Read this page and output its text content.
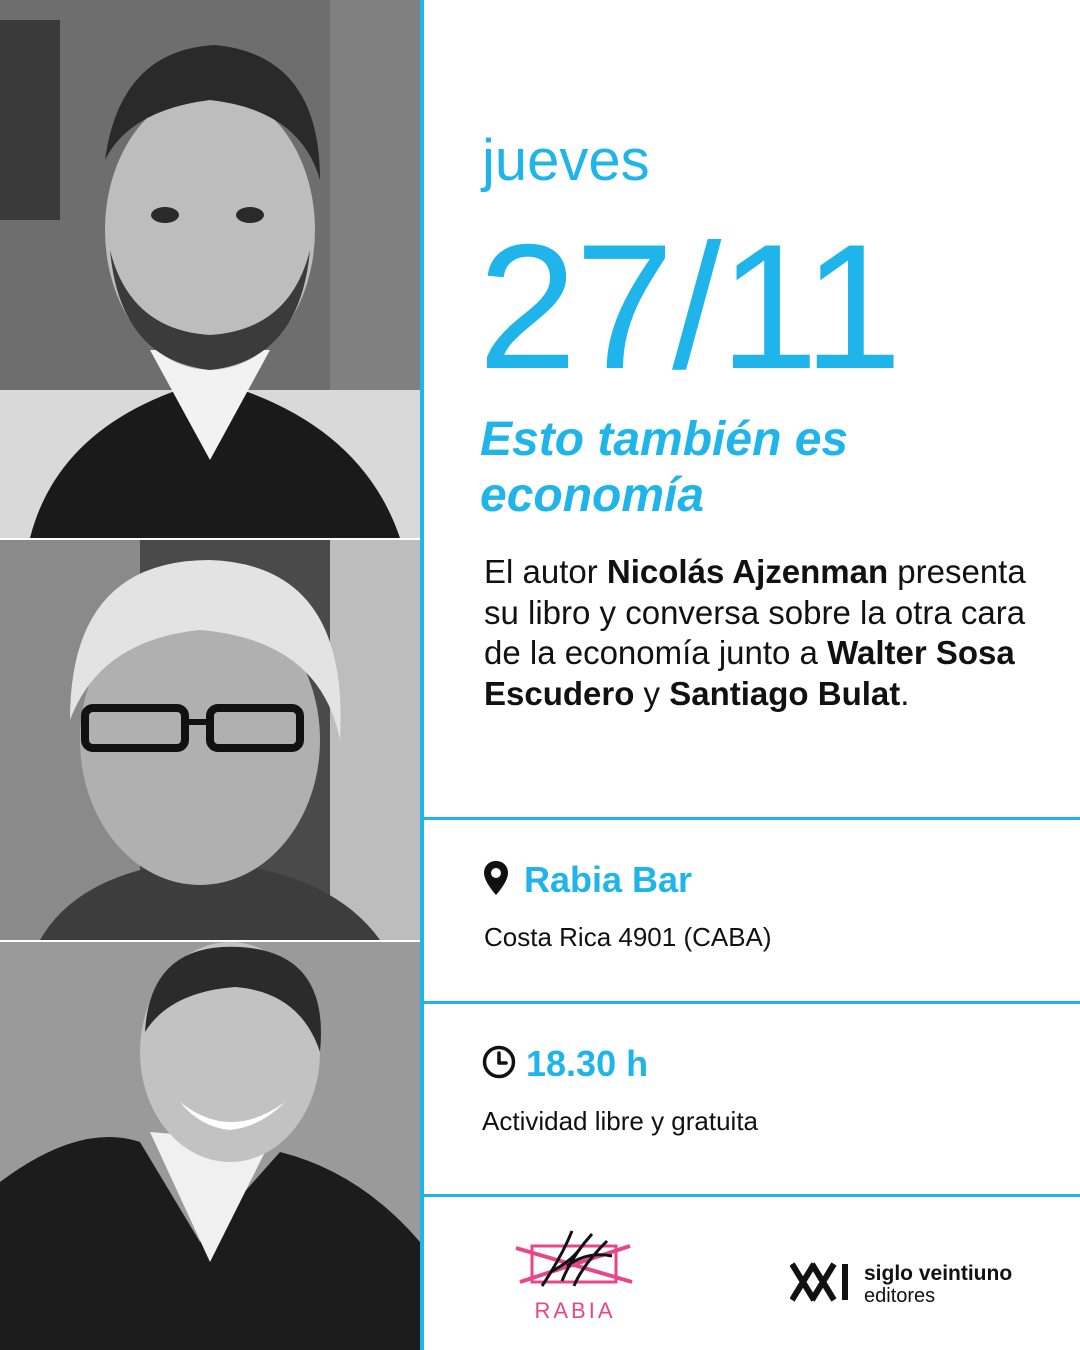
jueves
27/11
Esto también es economía
El autor Nicolás Ajzenman presenta su libro y conversa sobre la otra cara de la economía junto a Walter Sosa Escudero y Santiago Bulat.
Rabia Bar
Costa Rica 4901 (CABA)
18.30 h
Actividad libre y gratuita
RABIA
siglo veintiuno
editores
